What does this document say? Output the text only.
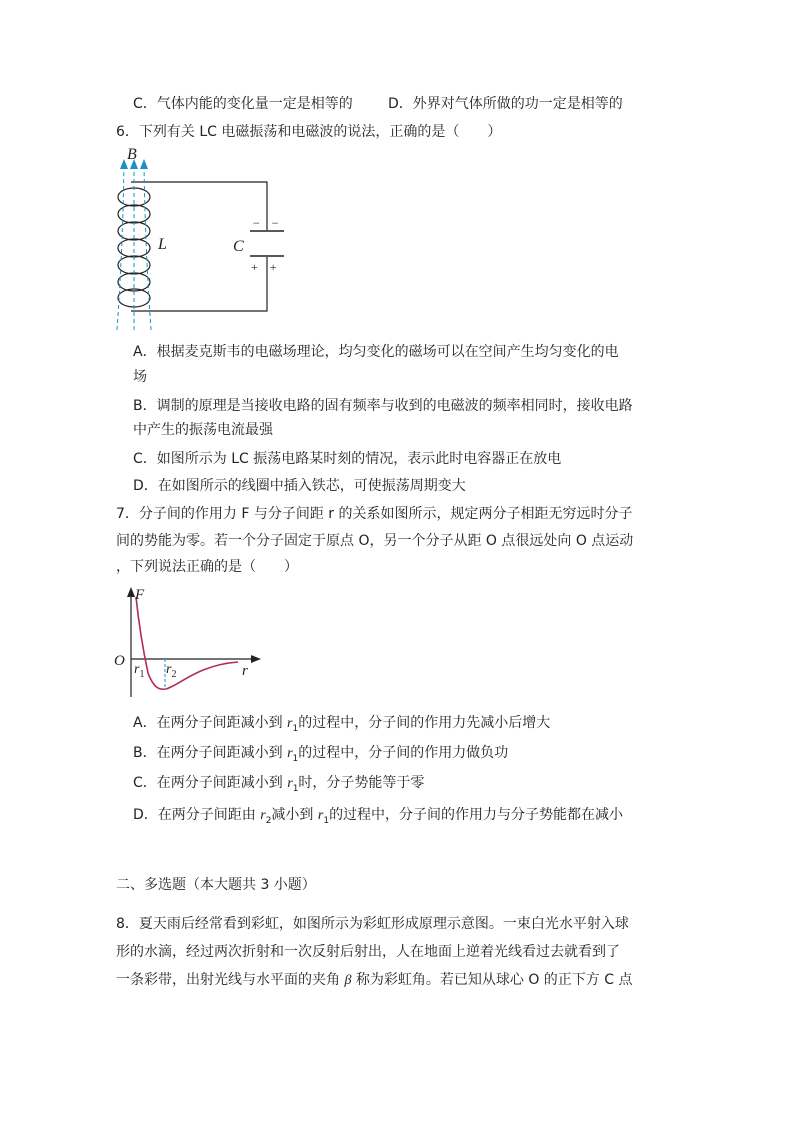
C．气体内能的变化量一定是相等的	D．外界对气体所做的功一定是相等的
6．下列有关 LC 电磁振荡和电磁波的说法，正确的是（　　）
B
L	C
−　−
+　+
A．根据麦克斯韦的电磁场理论，均匀变化的磁场可以在空间产生均匀变化的电
场
B．调制的原理是当接收电路的固有频率与收到的电磁波的频率相同时，接收电路
中产生的振荡电流最强
C．如图所示为 LC 振荡电路某时刻的情况，表示此时电容器正在放电
D．在如图所示的线圈中插入铁芯，可使振荡周期变大
7．分子间的作用力 F 与分子间距 r 的关系如图所示，规定两分子相距无穷远时分子
间的势能为零。若一个分子固定于原点 O，另一个分子从距 O 点很远处向 O 点运动
，下列说法正确的是（　　）
F
O
$r_1$ $r_2$	r
A．在两分子间距减小到 $r_1$的过程中，分子间的作用力先减小后增大
B．在两分子间距减小到 $r_1$的过程中，分子间的作用力做负功
C．在两分子间距减小到 $r_1$时，分子势能等于零
D．在两分子间距由 $r_2$减小到 $r_1$的过程中，分子间的作用力与分子势能都在减小
二、多选题（本大题共 3 小题）
8．夏天雨后经常看到彩虹，如图所示为彩虹形成原理示意图。一束白光水平射入球
形的水滴，经过两次折射和一次反射后射出，人在地面上逆着光线看过去就看到了
一条彩带，出射光线与水平面的夹角 β 称为彩虹角。若已知从球心 O 的正下方 C 点
